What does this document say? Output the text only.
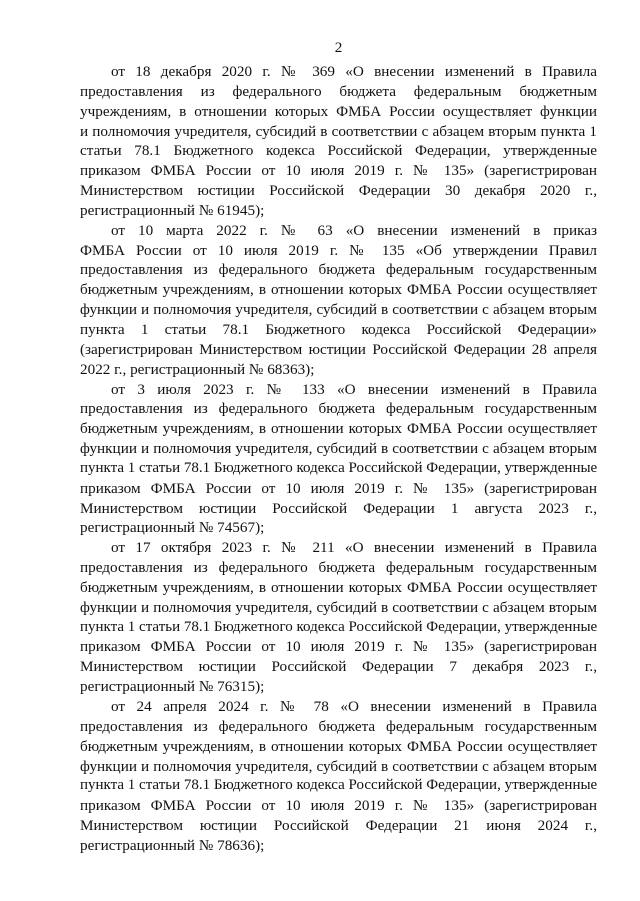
2
от 18 декабря 2020 г. № 369 «О внесении изменений в Правила
предоставления из федерального бюджета федеральным бюджетным
учреждениям, в отношении которых ФМБА России осуществляет функции
и полномочия учредителя, субсидий в соответствии с абзацем вторым пункта 1
статьи 78.1 Бюджетного кодекса Российской Федерации, утвержденные
приказом ФМБА России от 10 июля 2019 г. № 135» (зарегистрирован
Министерством юстиции Российской Федерации 30 декабря 2020 г.,
регистрационный № 61945);
от 10 марта 2022 г. № 63 «О внесении изменений в приказ
ФМБА России от 10 июля 2019 г. № 135 «Об утверждении Правил
предоставления из федерального бюджета федеральным государственным
бюджетным учреждениям, в отношении которых ФМБА России осуществляет
функции и полномочия учредителя, субсидий в соответствии с абзацем вторым
пункта 1 статьи 78.1 Бюджетного кодекса Российской Федерации»
(зарегистрирован Министерством юстиции Российской Федерации 28 апреля
2022 г., регистрационный № 68363);
от 3 июля 2023 г. № 133 «О внесении изменений в Правила
предоставления из федерального бюджета федеральным государственным
бюджетным учреждениям, в отношении которых ФМБА России осуществляет
функции и полномочия учредителя, субсидий в соответствии с абзацем вторым
пункта 1 статьи 78.1 Бюджетного кодекса Российской Федерации, утвержденные
приказом ФМБА России от 10 июля 2019 г. № 135» (зарегистрирован
Министерством юстиции Российской Федерации 1 августа 2023 г.,
регистрационный № 74567);
от 17 октября 2023 г. № 211 «О внесении изменений в Правила
предоставления из федерального бюджета федеральным государственным
бюджетным учреждениям, в отношении которых ФМБА России осуществляет
функции и полномочия учредителя, субсидий в соответствии с абзацем вторым
пункта 1 статьи 78.1 Бюджетного кодекса Российской Федерации, утвержденные
приказом ФМБА России от 10 июля 2019 г. № 135» (зарегистрирован
Министерством юстиции Российской Федерации 7 декабря 2023 г.,
регистрационный № 76315);
от 24 апреля 2024 г. № 78 «О внесении изменений в Правила
предоставления из федерального бюджета федеральным государственным
бюджетным учреждениям, в отношении которых ФМБА России осуществляет
функции и полномочия учредителя, субсидий в соответствии с абзацем вторым
пункта 1 статьи 78.1 Бюджетного кодекса Российской Федерации, утвержденные
приказом ФМБА России от 10 июля 2019 г. № 135» (зарегистрирован
Министерством юстиции Российской Федерации 21 июня 2024 г.,
регистрационный № 78636);
